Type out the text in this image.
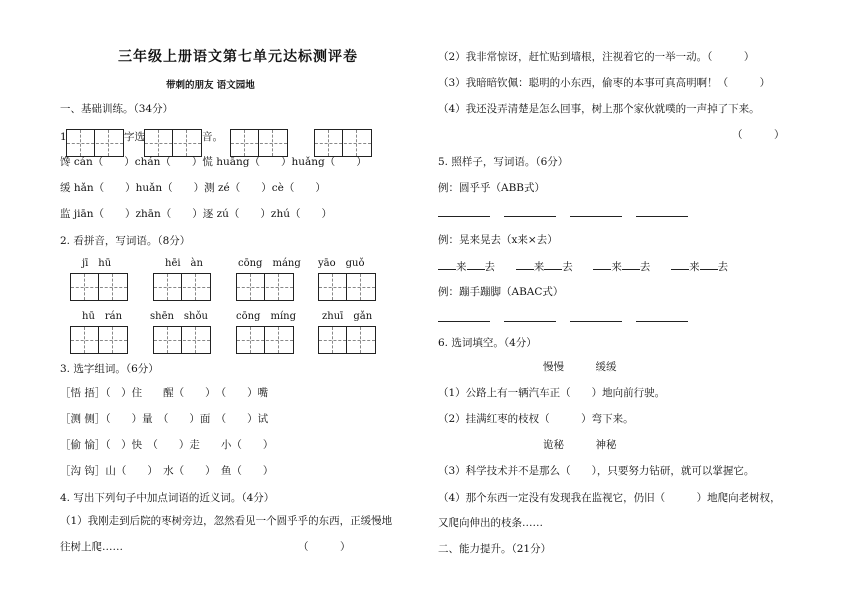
三年级上册语文第七单元达标测评卷
带刺的朋友 语文园地
一、基础训练。（34分）
1	字选	音。
馋 cán（　　）chán（　　）慌 huāng（　　）huǎng（　　）
缓 hǎn（　　）huǎn（　　）测 zé（　　）cè（　　）
监 jiān（　　）zhān（　　）逐 zú（　　）zhú（　　）
2. 看拼音，写词语。（8分）
jī　hū	hēi　àn	cōng　máng yāo　guǒ
hū　rán	shēn　shǒu	cōng　míng	zhuī　gǎn
3. 选字组词。（6分）
［悟 捂］（　）住　　醒（　　）　（　　）嘴
［测 侧］（　　）量　（　　）面　（　　）试
［偷 愉］（　）快　（　　）走　　小（　　）
［沟 钩］山（　　）　水（　　）　鱼（　　）
4. 写出下列句子中加点词语的近义词。（4分）
（1）我刚走到后院的枣树旁边，忽然看见一个圆乎乎的东西，正缓慢地
往树上爬……	（　　　）
（2）我非常惊讶，赶忙贴到墙根，注视着它的一举一动。（　　　）
（3）我暗暗钦佩：聪明的小东西，偷枣的本事可真高明啊！（　　　）
（4）我还没弄清楚是怎么回事，树上那个家伙就噗的一声掉了下来。
（　　　）
5. 照样子，写词语。（6分）
例：圆乎乎（ABB式）
例：晃来晃去（x来×去）
来 去	来 去	来 去	来 去
例：蹦手蹦脚（ABAC式）
6. 选词填空。（4分）
慢慢　　　缓缓
（1）公路上有一辆汽车正（　　）地向前行驶。
（2）挂满红枣的枝杈（　　　）弯下来。
诡秘　　　神秘
（3）科学技术并不是那么（　　），只要努力钻研，就可以掌握它。
（4）那个东西一定没有发现我在监视它，仍旧（　　　）地爬向老树杈，
又爬向伸出的枝条……
二、能力提升。（21分）
